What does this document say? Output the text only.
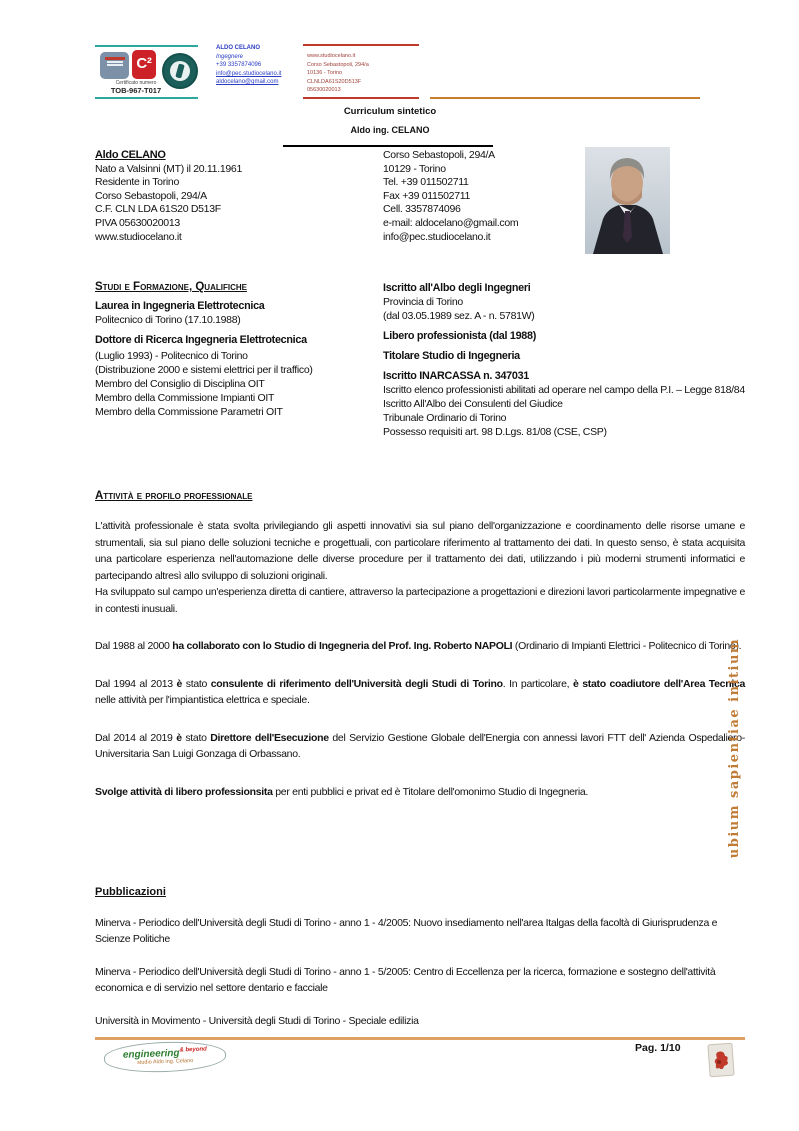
C²
Certificato numero
TOB-967-T017
ALDO CELANO
Ingegnere
+39 3357874096
info@pec.studiocelano.it
aldocelano@gmail.com
www.studiocelano.it
Corso Sebastopoli, 294/a
10136 - Torino
CLNLDA61S20D513F
05630020013
Curriculum sintetico
Aldo ing. CELANO
Aldo CELANO
Nato a Valsinni (MT) il 20.11.1961
Residente in Torino
Corso Sebastopoli, 294/A
C.F. CLN LDA 61S20 D513F
PIVA 05630020013
www.studiocelano.it
Corso Sebastopoli, 294/A
10129 - Torino
Tel. +39 011502711
Fax +39 011502711
Cell. 3357874096
e-mail: aldocelano@gmail.com
info@pec.studiocelano.it
Studi e Formazione, Qualifiche
Laurea in Ingegneria Elettrotecnica
Politecnico di Torino (17.10.1988)
Dottore di Ricerca Ingegneria Elettrotecnica
(Luglio 1993) - Politecnico di Torino
(Distribuzione 2000 e sistemi elettrici per il traffico)
Membro del Consiglio di Disciplina OIT
Membro della Commissione Impianti OIT
Membro della Commissione Parametri OIT
Iscritto all'Albo degli Ingegneri
Provincia di Torino
(dal 03.05.1989 sez. A - n. 5781W)
Libero professionista (dal 1988)
Titolare Studio di Ingegneria
Iscritto INARCASSA n. 347031
Iscritto elenco professionisti abilitati ad operare nel campo della P.I. – Legge 818/84
Iscritto All'Albo dei Consulenti del Giudice
Tribunale Ordinario di Torino
Possesso requisiti art. 98 D.Lgs. 81/08 (CSE, CSP)
Attività e profilo professionale

L'attività professionale è stata svolta privilegiando gli aspetti innovativi sia sul piano dell'organizzazione e coordinamento delle risorse umane e strumentali, sia sul piano delle soluzioni tecniche e progettuali, con particolare riferimento al trattamento dei dati. In questo senso, è stata acquisita una particolare esperienza nell'automazione delle diverse procedure per il trattamento dei dati, utilizzando i più moderni strumenti informatici e partecipando altresì allo sviluppo di soluzioni originali.

Ha sviluppato sul campo un'esperienza diretta di cantiere, attraverso la partecipazione a progettazioni e direzioni lavori particolarmente impegnative e in contesti inusuali.

Dal 1988 al 2000 ha collaborato con lo Studio di Ingegneria del Prof. Ing. Roberto NAPOLI (Ordinario di Impianti Elettrici - Politecnico di Torino).

Dal 1994 al 2013 è stato consulente di riferimento dell'Università degli Studi di Torino. In particolare, è stato coadiutore dell'Area Tecnica nelle attività per l'impiantistica elettrica e speciale.

Dal 2014 al 2019 è stato Direttore dell'Esecuzione del Servizio Gestione Globale dell'Energia con annessi lavori FTT dell' Azienda Ospedaliero-Universitaria San Luigi Gonzaga di Orbassano.

Svolge attività di libero professionsita per enti pubblici e privat ed è Titolare dell'omonimo Studio di Ingegneria.	ubium sapientiae initium
Pubblicazioni
Minerva - Periodico dell'Università degli Studi di Torino - anno 1 - 4/2005: Nuovo insediamento nell'area Italgas della facoltà di Giurisprudenza e Scienze Politiche
Minerva - Periodico dell'Università degli Studi di Torino - anno 1 - 5/2005: Centro di Eccellenza per la ricerca, formazione e sostegno dell'attività economica e di servizio nel settore dentario e facciale
Università in Movimento - Università degli Studi di Torino - Speciale edilizia
engineering$^{\& beyond}$
studio Aldo ing. Celano
Pag. 1/10
